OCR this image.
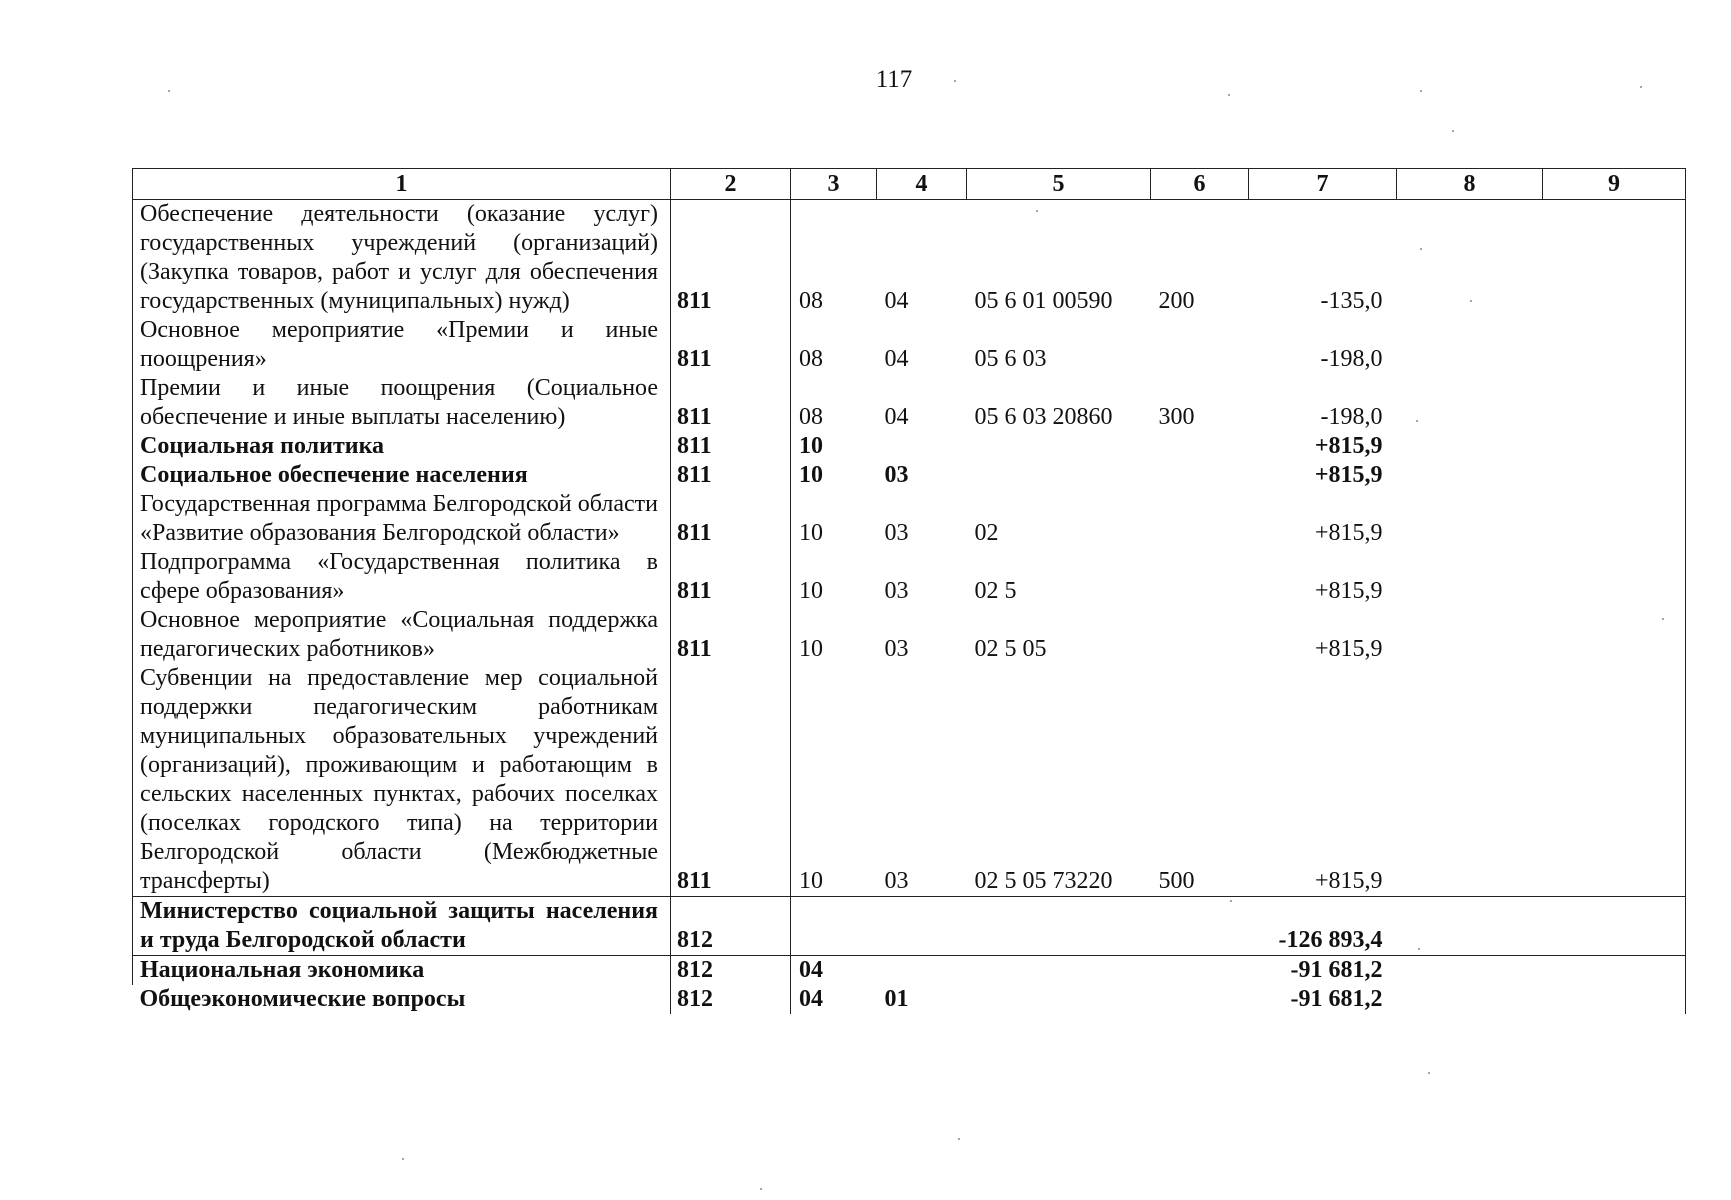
117
1	2	3	4	5	6	7	8	9
Обеспечение деятельности (оказание услуг) государственных учреждений (организаций) (Закупка товаров, работ и услуг для обеспечения государственных (муниципальных) нужд)	811	08	04	05 6 01 00590	200	-135,0		
Основное мероприятие «Премии и иные поощрения»	811	08	04	05 6 03		-198,0		
Премии и иные поощрения (Социальное обеспечение и иные выплаты населению)	811	08	04	05 6 03 20860	300	-198,0		
Социальная политика	811	10				+815,9		
Социальное обеспечение населения	811	10	03			+815,9		
Государственная программа Белгородской области «Развитие образования Белгородской области»	811	10	03	02		+815,9		
Подпрограмма «Государственная политика в сфере образования»	811	10	03	02 5		+815,9		
Основное мероприятие «Социальная поддержка педагогических работников»	811	10	03	02 5 05		+815,9		
Субвенции на предоставление мер социальной поддержки педагогическим работникам муниципальных образовательных учреждений (организаций), проживающим и работающим в сельских населенных пунктах, рабочих поселках (поселках городского типа) на территории Белгородской области (Межбюджетные трансферты)	811	10	03	02 5 05 73220	500	+815,9		
Министерство социальной защиты населения и труда Белгородской области	812					-126 893,4		
Национальная экономика	812	04				-91 681,2		
Общеэкономические вопросы	812	04	01			-91 681,2		
